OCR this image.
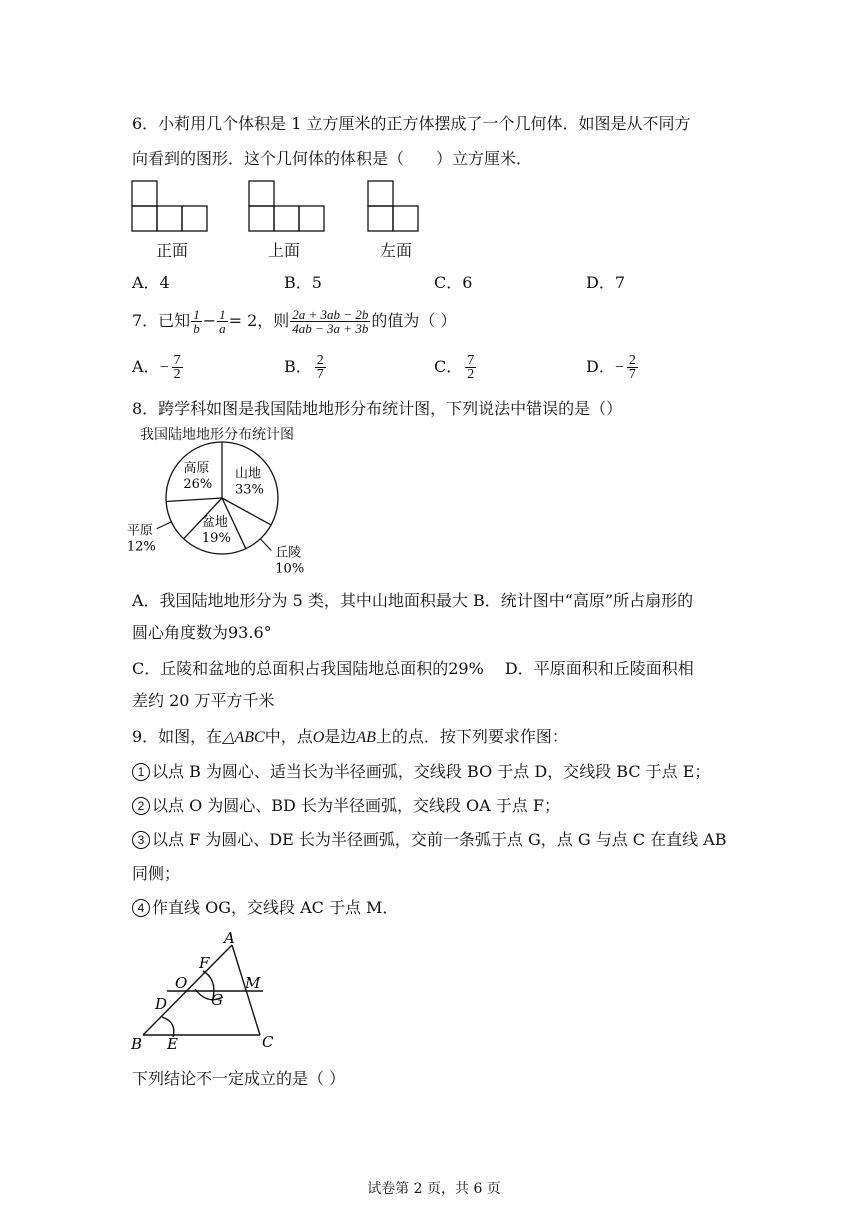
6．小莉用几个体积是 1 立方厘米的正方体摆成了一个几何体．如图是从不同方
向看到的图形．这个几何体的体积是（　　）立方厘米．
正面	上面	左面
A．4	B．5	C．6	D．7
7．已知 $\frac{1}{b} - \frac{1}{a} = 2$，则 $\frac{2a + 3ab - 2b}{4ab - 3a + 3b}$ 的值为（ ）
A．− $\frac{7}{2}$	B． $\frac{2}{7}$	C． $\frac{7}{2}$	D．− $\frac{2}{7}$
8．跨学科如图是我国陆地地形分布统计图，下列说法中错误的是（）
我国陆地地形分布统计图
山地
33%
丘陵
10%
盆地
19%
平原
12%
高原
26%
A．我国陆地地形分为 5 类，其中山地面积最大 B．统计图中“高原”所占扇形的
圆心角度数为93.6°
C．丘陵和盆地的总面积占我国陆地总面积的29%　 D．平原面积和丘陵面积相
差约 20 万平方千米
9．如图，在△ABC中，点O是边AB上的点．按下列要求作图：
1 以点 B 为圆心、适当长为半径画弧，交线段 BO 于点 D，交线段 BC 于点 E；
2 以点 O 为圆心、BD 长为半径画弧，交线段 OA 于点 F；
3 以点 F 为圆心、DE 长为半径画弧，交前一条弧于点 G，点 G 与点 C 在直线 AB
同侧；
4 作直线 OG，交线段 AC 于点 M．
A
F
O	M
G
D
B E	C
下列结论不一定成立的是（ ）
试卷第 2 页，共 6 页
